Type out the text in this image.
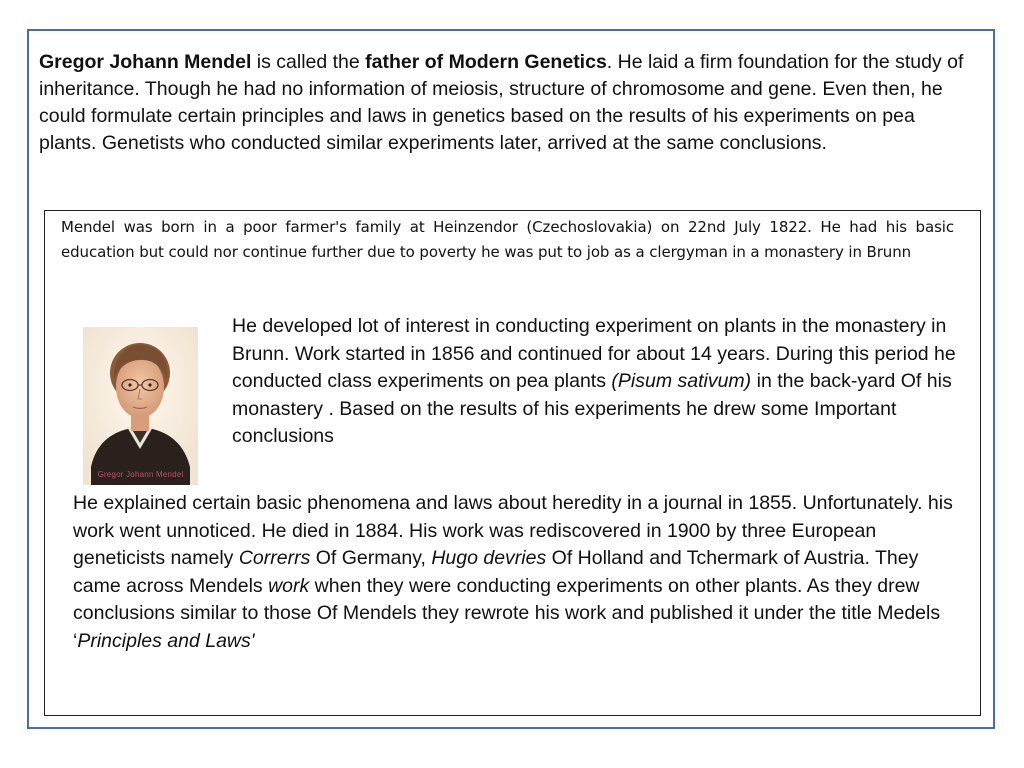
Gregor Johann Mendel is called the father of Modern Genetics. He laid a firm foundation for the study of inheritance. Though he had no information of meiosis, structure of chromosome and gene. Even then, he could formulate certain principles and laws in genetics based on the results of his experiments on pea plants. Genetists who conducted similar experiments later, arrived at the same conclusions.

Mendel was born in a poor farmer's family at Heinzendor (Czechoslovakia) on 22nd July 1822. He had his basic education but could nor continue further due to poverty he was put to job as a clergyman in a monastery in Brunn

Gregor Johann Mendel

He developed lot of interest in conducting experiment on plants in the monastery in Brunn. Work started in 1856 and continued for about 14 years. During this period he conducted class experiments on pea plants (Pisum sativum) in the back-yard Of his monastery . Based on the results of his experiments he drew some Important conclusions

He explained certain basic phenomena and laws about heredity in a journal in 1855. Unfortunately. his work went unnoticed. He died in 1884. His work was rediscovered in 1900 by three European geneticists namely Correrrs Of Germany, Hugo devries Of Holland and Tchermark of Austria. They came across Mendels work when they were conducting experiments on other plants. As they drew conclusions similar to those Of Mendels they rewrote his work and published it under the title Medels ‘Principles and Laws'
